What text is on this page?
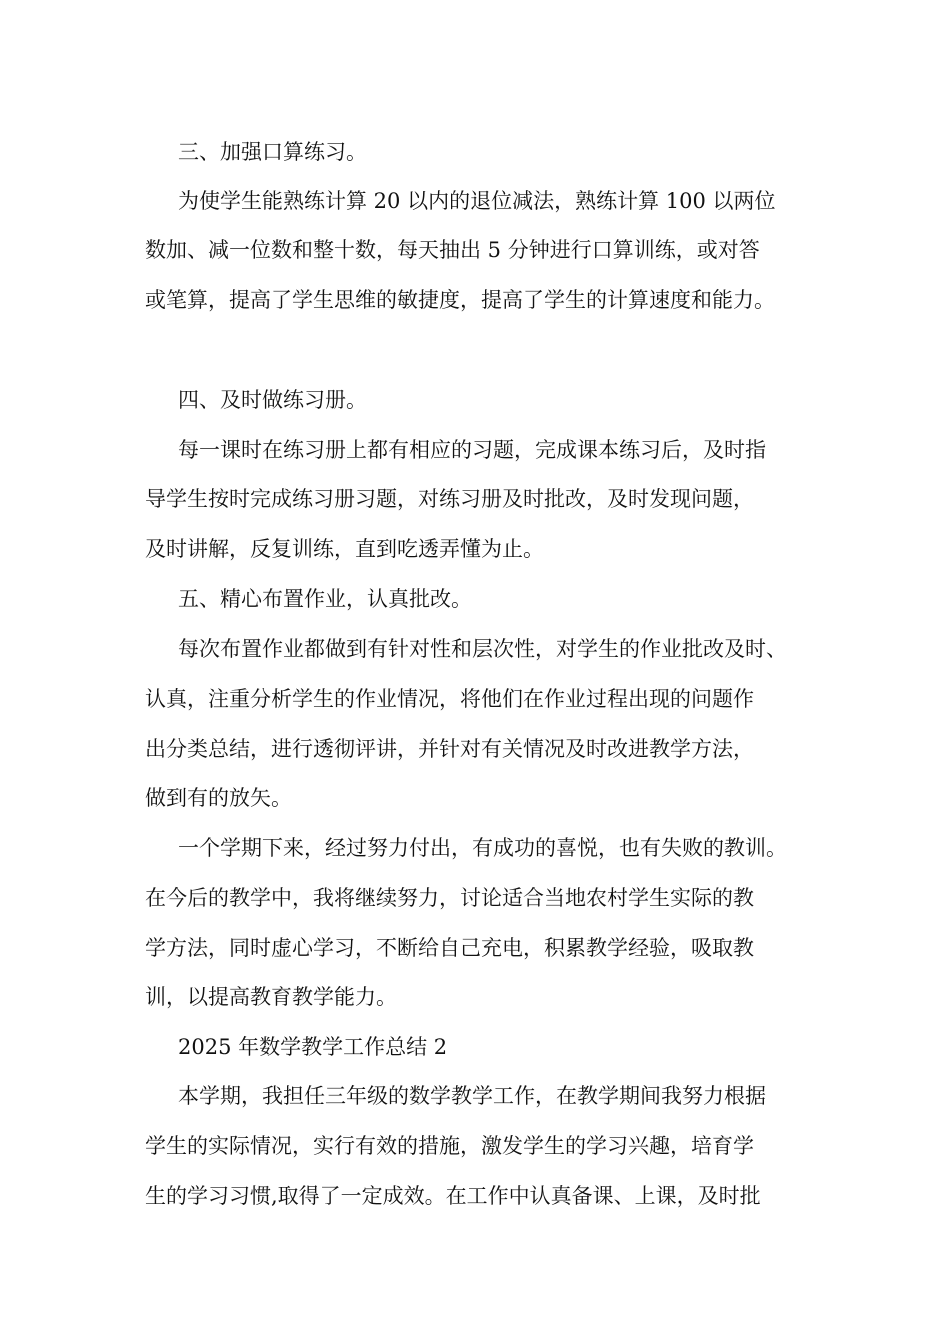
三、加强口算练习。
为使学生能熟练计算 20 以内的退位减法，熟练计算 100 以两位
数加、减一位数和整十数，每天抽出 5 分钟进行口算训练，或对答
或笔算，提高了学生思维的敏捷度，提高了学生的计算速度和能力。
四、及时做练习册。
每一课时在练习册上都有相应的习题，完成课本练习后，及时指
导学生按时完成练习册习题，对练习册及时批改，及时发现问题，
及时讲解，反复训练，直到吃透弄懂为止。
五、精心布置作业，认真批改。
每次布置作业都做到有针对性和层次性，对学生的作业批改及时、
认真，注重分析学生的作业情况，将他们在作业过程出现的问题作
出分类总结，进行透彻评讲，并针对有关情况及时改进教学方法，
做到有的放矢。
一个学期下来，经过努力付出，有成功的喜悦，也有失败的教训。
在今后的教学中，我将继续努力，讨论适合当地农村学生实际的教
学方法，同时虚心学习，不断给自己充电，积累教学经验，吸取教
训，以提高教育教学能力。
2025 年数学教学工作总结 2
本学期，我担任三年级的数学教学工作，在教学期间我努力根据
学生的实际情况，实行有效的措施，激发学生的学习兴趣，培育学
生的学习习惯,取得了一定成效。在工作中认真备课、上课，及时批
